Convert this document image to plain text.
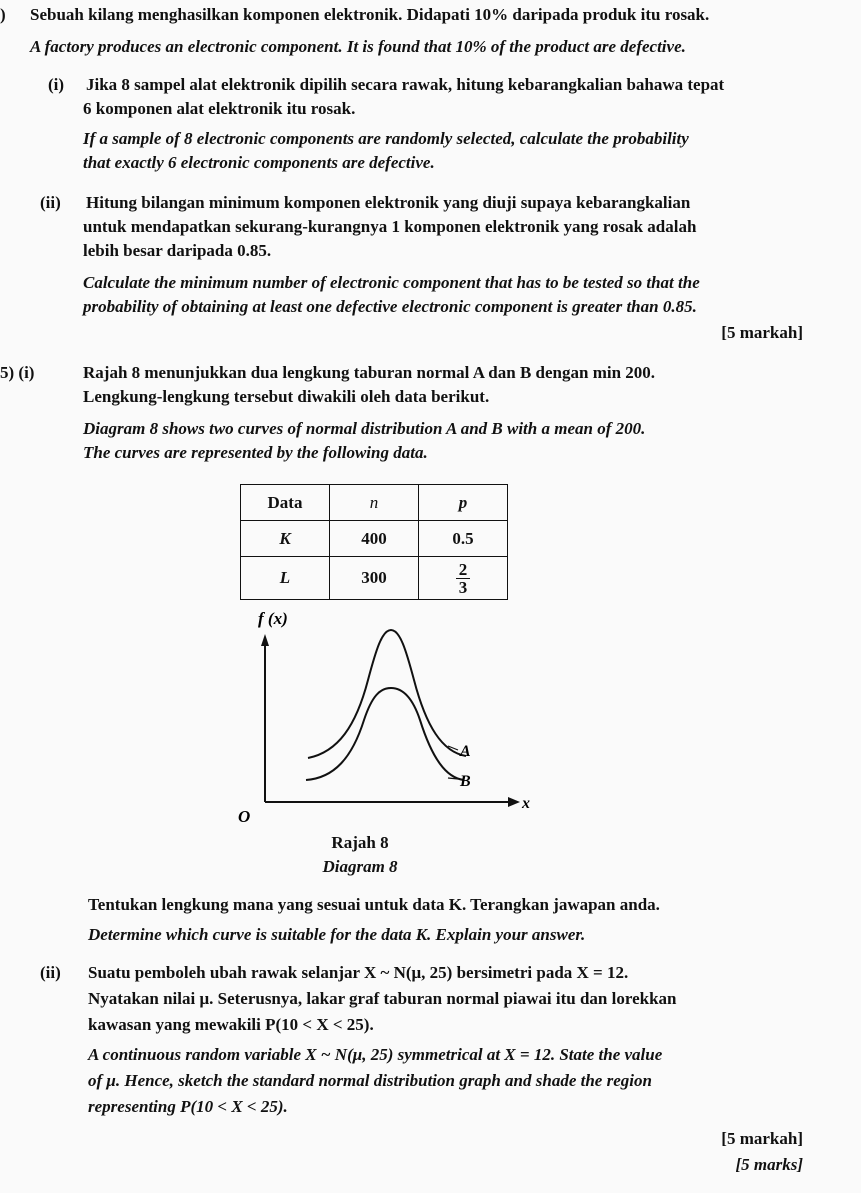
) Sebuah kilang menghasilkan komponen elektronik. Didapati 10% daripada produk itu rosak.
A factory produces an electronic component. It is found that 10% of the product are defective.
(i) Jika 8 sampel alat elektronik dipilih secara rawak, hitung kebarangkalian bahawa tepat
6 komponen alat elektronik itu rosak.
If a sample of 8 electronic components are randomly selected, calculate the probability
that exactly 6 electronic components are defective.
(ii) Hitung bilangan minimum komponen elektronik yang diuji supaya kebarangkalian
untuk mendapatkan sekurang-kurangnya 1 komponen elektronik yang rosak adalah
lebih besar daripada 0.85.
Calculate the minimum number of electronic component that has to be tested so that the
probability of obtaining at least one defective electronic component is greater than 0.85.
[5 markah]
5) (i)	Rajah 8 menunjukkan dua lengkung taburan normal A dan B dengan min 200.
Lengkung-lengkung tersebut diwakili oleh data berikut.
Diagram 8 shows two curves of normal distribution A and B with a mean of 200.
The curves are represented by the following data.
Data	n	p
K	400	0.5
L	300	$\frac{2}{3}$
f (x)
x
O
A
B
Rajah 8
Diagram 8
Tentukan lengkung mana yang sesuai untuk data K. Terangkan jawapan anda.
Determine which curve is suitable for the data K. Explain your answer.
(ii) Suatu pemboleh ubah rawak selanjar X ~ N(μ, 25) bersimetri pada X = 12.
Nyatakan nilai μ. Seterusnya, lakar graf taburan normal piawai itu dan lorekkan
kawasan yang mewakili P(10 < X < 25).
A continuous random variable X ~ N(μ, 25) symmetrical at X = 12. State the value
of μ. Hence, sketch the standard normal distribution graph and shade the region
representing P(10 < X < 25).
[5 markah]
[5 marks]
